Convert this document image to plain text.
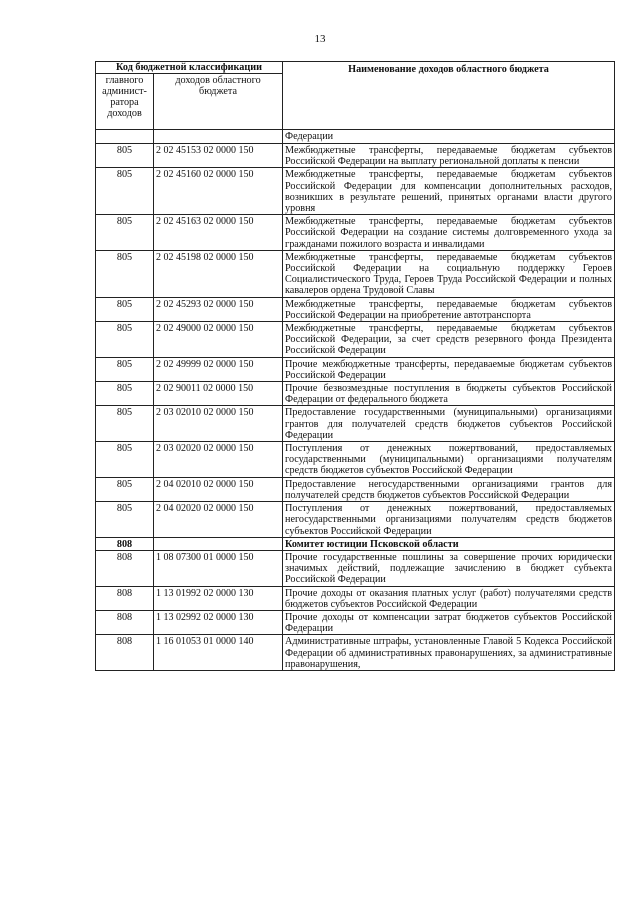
13
Код бюджетной классификации		Наименование доходов областного бюджета
главного админист-ратора доходов	доходов областного бюджета	
		Федерации
805	2 02 45153 02 0000 150	Межбюджетные трансферты, передаваемые бюджетам субъектов Российской Федерации на выплату региональной доплаты к пенсии
805	2 02 45160 02 0000 150	Межбюджетные трансферты, передаваемые бюджетам субъектов Российской Федерации для компенсации дополнительных расходов, возникших в результате решений, принятых органами власти другого уровня
805	2 02 45163 02 0000 150	Межбюджетные трансферты, передаваемые бюджетам субъектов Российской Федерации на создание системы долговременного ухода за гражданами пожилого возраста и инвалидами
805	2 02 45198 02 0000 150	Межбюджетные трансферты, передаваемые бюджетам субъектов Российской Федерации на социальную поддержку Героев Социалистического Труда, Героев Труда Российской Федерации и полных кавалеров ордена Трудовой Славы
805	2 02 45293 02 0000 150	Межбюджетные трансферты, передаваемые бюджетам субъектов Российской Федерации на приобретение автотранспорта
805	2 02 49000 02 0000 150	Межбюджетные трансферты, передаваемые бюджетам субъектов Российской Федерации, за счет средств резервного фонда Президента Российской Федерации
805	2 02 49999 02 0000 150	Прочие межбюджетные трансферты, передаваемые бюджетам субъектов Российской Федерации
805	2 02 90011 02 0000 150	Прочие безвозмездные поступления в бюджеты субъектов Российской Федерации от федерального бюджета
805	2 03 02010 02 0000 150	Предоставление государственными (муниципальными) организациями грантов для получателей средств бюджетов субъектов Российской Федерации
805	2 03 02020 02 0000 150	Поступления от денежных пожертвований, предоставляемых государственными (муниципальными) организациями получателям средств бюджетов субъектов Российской Федерации
805	2 04 02010 02 0000 150	Предоставление негосударственными организациями грантов для получателей средств бюджетов субъектов Российской Федерации
805	2 04 02020 02 0000 150	Поступления от денежных пожертвований, предоставляемых негосударственными организациями получателям средств бюджетов субъектов Российской Федерации
808		Комитет юстиции Псковской области
808	1 08 07300 01 0000 150	Прочие государственные пошлины за совершение прочих юридически значимых действий, подлежащие зачислению в бюджет субъекта Российской Федерации
808	1 13 01992 02 0000 130	Прочие доходы от оказания платных услуг (работ) получателями средств бюджетов субъектов Российской Федерации
808	1 13 02992 02 0000 130	Прочие доходы от компенсации затрат бюджетов субъектов Российской Федерации
808	1 16 01053 01 0000 140	Административные штрафы, установленные Главой 5 Кодекса Российской Федерации об административных правонарушениях, за административные правонарушения,
